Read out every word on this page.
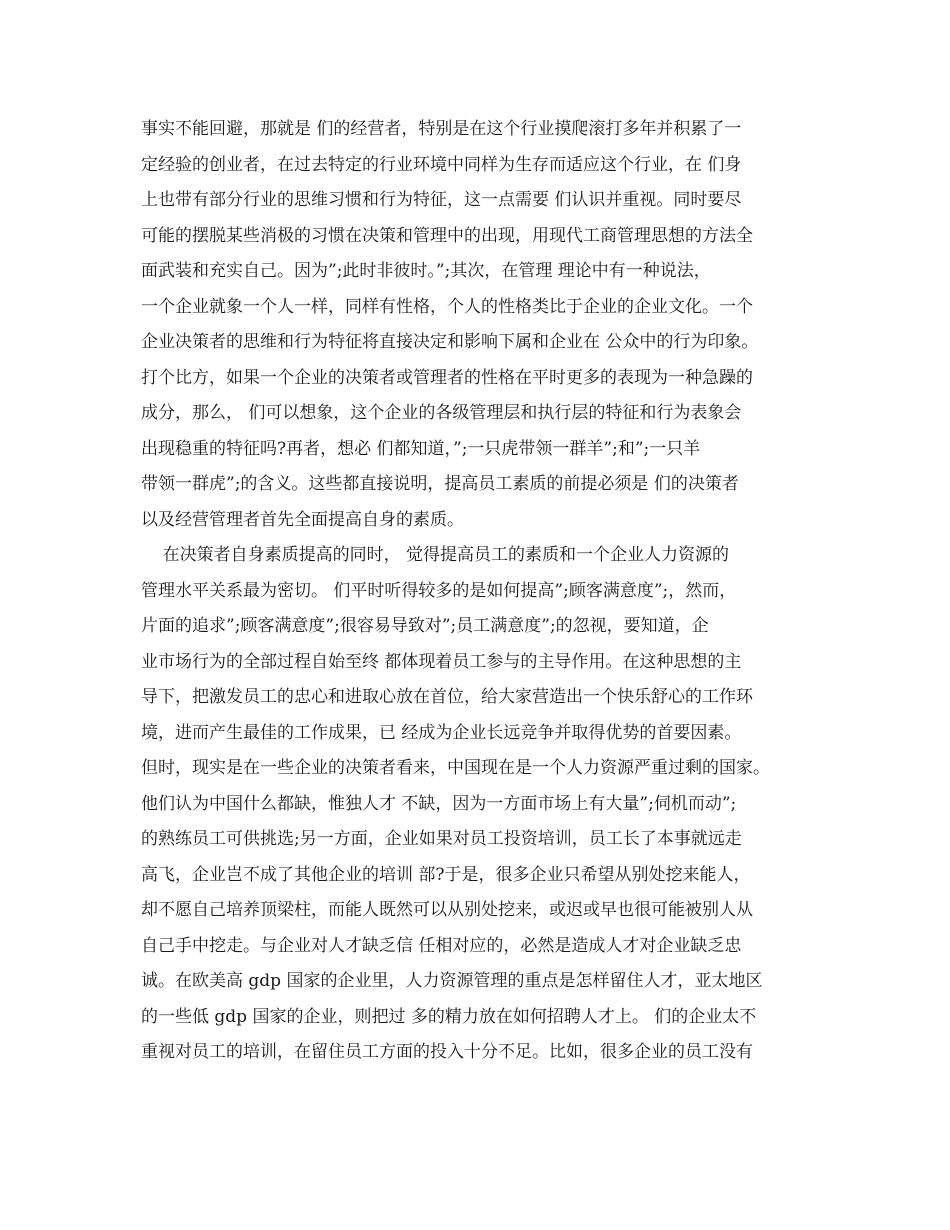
事实不能回避，那就是 们的经营者，特别是在这个行业摸爬滚打多年并积累了一
定经验的创业者，在过去特定的行业环境中同样为生存而适应这个行业，在 们身
上也带有部分行业的思维习惯和行为特征，这一点需要 们认识并重视。同时要尽
可能的摆脱某些消极的习惯在决策和管理中的出现，用现代工商管理思想的方法全
面武装和充实自己。因为”;此时非彼时。”;其次，在管理 理论中有一种说法，
一个企业就象一个人一样，同样有性格，个人的性格类比于企业的企业文化。一个
企业决策者的思维和行为特征将直接决定和影响下属和企业在 公众中的行为印象。
打个比方，如果一个企业的决策者或管理者的性格在平时更多的表现为一种急躁的
成分，那么， 们可以想象，这个企业的各级管理层和执行层的特征和行为表象会
出现稳重的特征吗?再者，想必 们都知道，”;一只虎带领一群羊”;和”;一只羊
带领一群虎”;的含义。这些都直接说明，提高员工素质的前提必须是 们的决策者
以及经营管理者首先全面提高自身的素质。
在决策者自身素质提高的同时， 觉得提高员工的素质和一个企业人力资源的
管理水平关系最为密切。 们平时听得较多的是如何提高”;顾客满意度”;，然而，
片面的追求”;顾客满意度”;很容易导致对”;员工满意度”;的忽视，要知道，企
业市场行为的全部过程自始至终 都体现着员工参与的主导作用。在这种思想的主
导下，把激发员工的忠心和进取心放在首位，给大家营造出一个快乐舒心的工作环
境，进而产生最佳的工作成果，已 经成为企业长远竞争并取得优势的首要因素。
但时，现实是在一些企业的决策者看来，中国现在是一个人力资源严重过剩的国家。
他们认为中国什么都缺，惟独人才 不缺，因为一方面市场上有大量”;伺机而动”;
的熟练员工可供挑选;另一方面，企业如果对员工投资培训，员工长了本事就远走
高飞，企业岂不成了其他企业的培训 部?于是，很多企业只希望从别处挖来能人，
却不愿自己培养顶梁柱，而能人既然可以从别处挖来，或迟或早也很可能被别人从
自己手中挖走。与企业对人才缺乏信 任相对应的，必然是造成人才对企业缺乏忠
诚。在欧美高 gdp 国家的企业里，人力资源管理的重点是怎样留住人才，亚太地区
的一些低 gdp 国家的企业，则把过 多的精力放在如何招聘人才上。 们的企业太不
重视对员工的培训，在留住员工方面的投入十分不足。比如，很多企业的员工没有
